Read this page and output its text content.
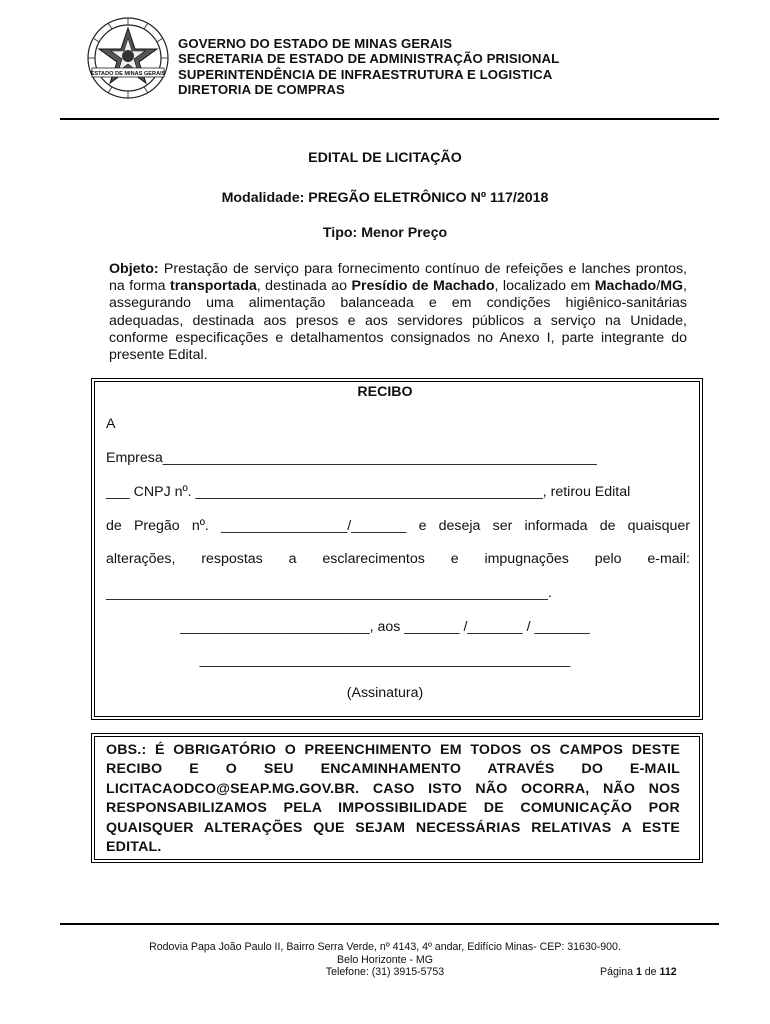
ESTADO DE MINAS GERAIS
GOVERNO DO ESTADO DE MINAS GERAIS
SECRETARIA DE ESTADO DE ADMINISTRAÇÃO PRISIONAL
SUPERINTENDÊNCIA DE INFRAESTRUTURA E LOGISTICA
DIRETORIA DE COMPRAS
EDITAL DE LICITAÇÃO
Modalidade: PREGÃO ELETRÔNICO Nº 117/2018
Tipo: Menor Preço
Objeto: Prestação de serviço para fornecimento contínuo de refeições e lanches prontos, na forma transportada, destinada ao Presídio de Machado, localizado em Machado/MG, assegurando uma alimentação balanceada e em condições higiênico-sanitárias adequadas, destinada aos presos e aos servidores públicos a serviço na Unidade, conforme especificações e detalhamentos consignados no Anexo I, parte integrante do presente Edital.
RECIBO
A
Empresa_______________________________________________________
___ CNPJ nº. ____________________________________________, retirou Edital
de Pregão nº. ________________/_______ e deseja ser informada de quaisquer
alterações, respostas a esclarecimentos e impugnações pelo e-mail:
________________________________________________________.
________________________, aos _______ /_______ / _______
_______________________________________________
(Assinatura)
OBS.: É OBRIGATÓRIO O PREENCHIMENTO EM TODOS OS CAMPOS DESTE
RECIBO E O SEU ENCAMINHAMENTO ATRAVÉS DO E-MAIL
LICITACAODCO@SEAP.MG.GOV.BR. CASO ISTO NÃO OCORRA, NÃO NOS
RESPONSABILIZAMOS PELA IMPOSSIBILIDADE DE COMUNICAÇÃO POR
QUAISQUER ALTERAÇÕES QUE SEJAM NECESSÁRIAS RELATIVAS A ESTE
EDITAL.
Rodovia Papa João Paulo II, Bairro Serra Verde, nº 4143, 4º andar, Edifício Minas- CEP: 31630-900.
Belo Horizonte - MG
Telefone: (31) 3915-5753	Página 1 de 112
